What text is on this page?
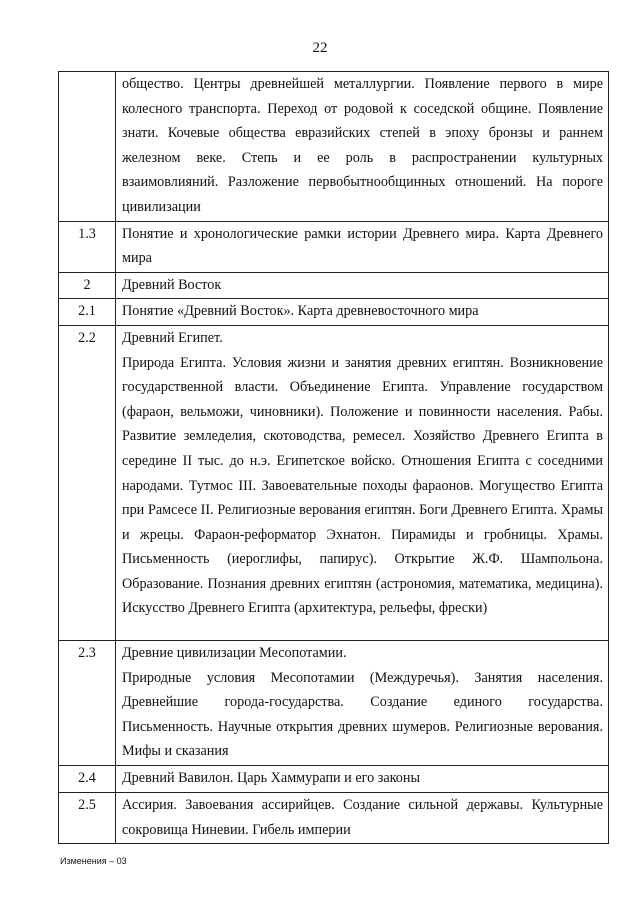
22

	общество. Центры древнейшей металлургии. Появление первого в мире колесного транспорта. Переход от родовой к соседской общине. Появление знати. Кочевые общества евразийских степей в эпоху бронзы и раннем железном веке. Степь и ее роль в распространении культурных взаимовлияний. Разложение первобытнообщинных отношений. На пороге цивилизации

1.3	Понятие и хронологические рамки истории Древнего мира. Карта Древнего мира

2	Древний Восток

2.1	Понятие «Древний Восток». Карта древневосточного мира

2.2	Древний Египет.

Природа Египта. Условия жизни и занятия древних египтян. Возникновение государственной власти. Объединение Египта. Управление государством (фараон, вельможи, чиновники). Положение и повинности населения. Рабы. Развитие земледелия, скотоводства, ремесел. Хозяйство Древнего Египта в середине II тыс. до н.э. Египетское войско. Отношения Египта с соседними народами. Тутмос III. Завоевательные походы фараонов. Могущество Египта при Рамсесе II. Религиозные верования египтян. Боги Древнего Египта. Храмы и жрецы. Фараон-реформатор Эхнатон. Пирамиды и гробницы. Храмы. Письменность (иероглифы, папирус). Открытие Ж.Ф. Шампольона. Образование. Познания древних египтян (астрономия, математика, медицина). Искусство Древнего Египта (архитектура, рельефы, фрески)

2.3	Древние цивилизации Месопотамии.

Природные условия Месопотамии (Междуречья). Занятия населения. Древнейшие города-государства. Создание единого государства. Письменность. Научные открытия древних шумеров. Религиозные верования. Мифы и сказания

2.4	Древний Вавилон. Царь Хаммурапи и его законы

2.5	Ассирия. Завоевания ассирийцев. Создание сильной державы. Культурные сокровища Ниневии. Гибель империи

Изменения – 03
